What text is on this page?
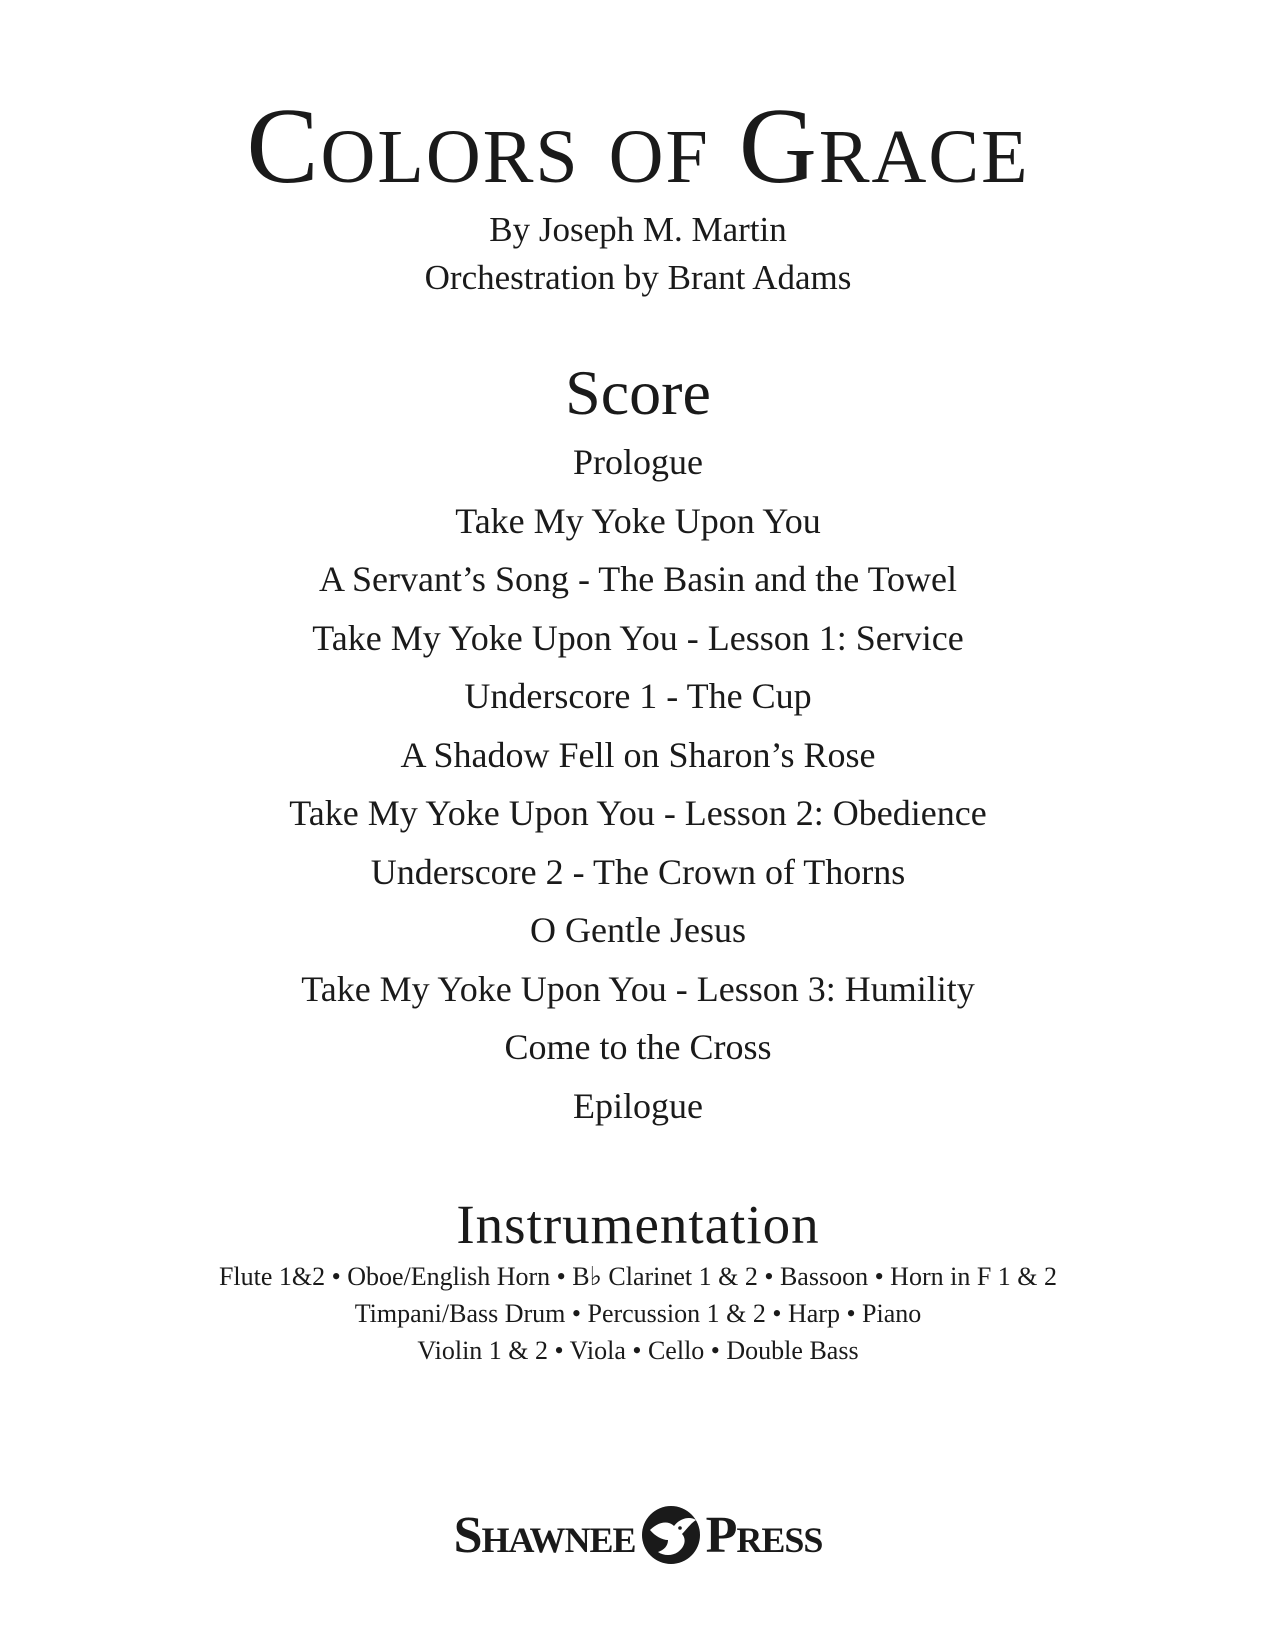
Colors of Grace
By Joseph M. Martin
Orchestration by Brant Adams
Score
Prologue
Take My Yoke Upon You
A Servant’s Song - The Basin and the Towel
Take My Yoke Upon You - Lesson 1: Service
Underscore 1 - The Cup
A Shadow Fell on Sharon’s Rose
Take My Yoke Upon You - Lesson 2: Obedience
Underscore 2 - The Crown of Thorns
O Gentle Jesus
Take My Yoke Upon You - Lesson 3: Humility
Come to the Cross
Epilogue
Instrumentation
Flute 1&2 • Oboe/English Horn • B♭ Clarinet 1 & 2 • Bassoon • Horn in F 1 & 2
Timpani/Bass Drum • Percussion 1 & 2 • Harp • Piano
Violin 1 & 2 • Viola • Cello • Double Bass
Shawnee Press
